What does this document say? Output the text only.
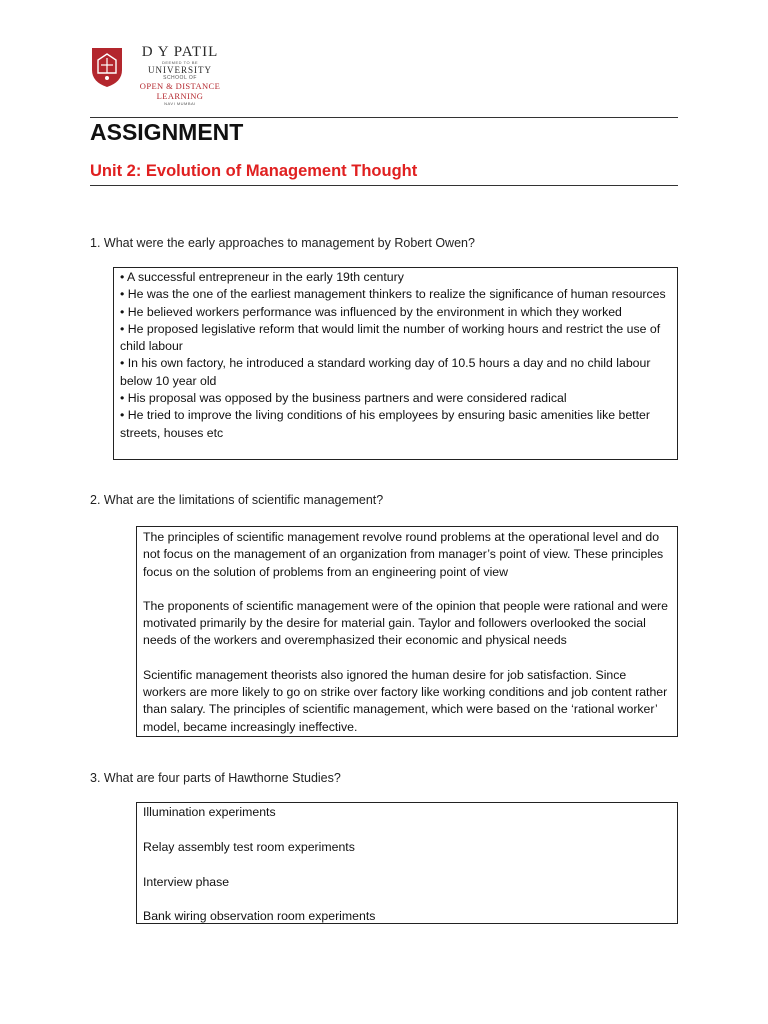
D Y PATIL
DEEMED TO BE
UNIVERSITY
SCHOOL OF
OPEN & DISTANCE
LEARNING
NAVI MUMBAI
ASSIGNMENT
Unit 2: Evolution of Management Thought
1. What were the early approaches to management by Robert Owen?

• A successful entrepreneur in the early 19th century

• He was the one of the earliest management thinkers to realize the significance of human resources

• He believed workers performance was influenced by the environment in which they worked

• He proposed legislative reform that would limit the number of working hours and restrict the use of child labour

• In his own factory, he introduced a standard working day of 10.5 hours a day and no child labour below 10 year old

• His proposal was opposed by the business partners and were considered radical

• He tried to improve the living conditions of his employees by ensuring basic amenities like better streets, houses etc

2. What are the limitations of scientific management?

The principles of scientific management revolve round problems at the operational level and do not focus on the management of an organization from manager’s point of view. These principles focus on the solution of problems from an engineering point of view

The proponents of scientific management were of the opinion that people were rational and were motivated primarily by the desire for material gain. Taylor and followers overlooked the social needs of the workers and overemphasized their economic and physical needs

Scientific management theorists also ignored the human desire for job satisfaction. Since workers are more likely to go on strike over factory like working conditions and job content rather than salary. The principles of scientific management, which were based on the ‘rational worker’ model, became increasingly ineffective.

3. What are four parts of Hawthorne Studies?

Illumination experiments

Relay assembly test room experiments

Interview phase

Bank wiring observation room experiments
